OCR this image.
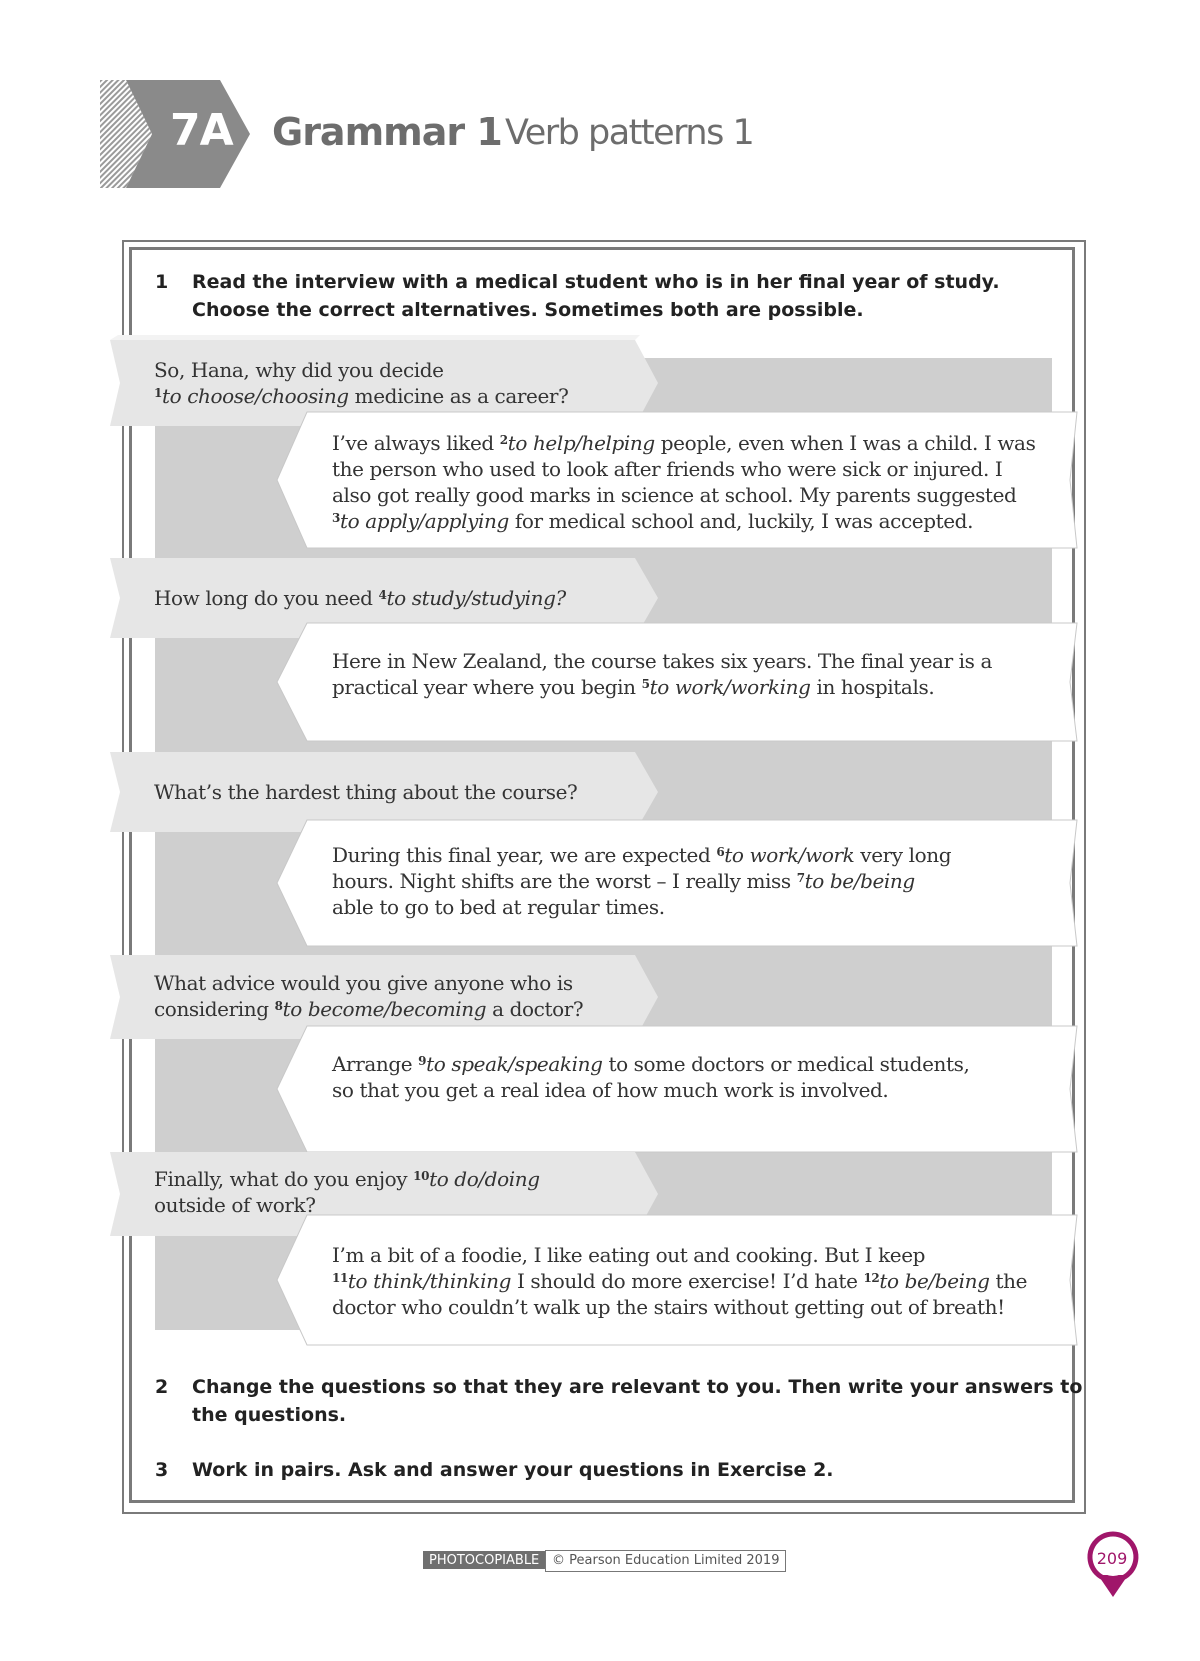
7A Grammar 1 Verb patterns 1
1 Read the interview with a medical student who is in her final year of study.
Choose the correct alternatives. Sometimes both are possible.
So, Hana, why did you decide
$^1$to choose/choosing medicine as a career?
I’ve always liked $^2$to help/helping people, even when I was a child. I was
the person who used to look after friends who were sick or injured. I
also got really good marks in science at school. My parents suggested
$^3$to apply/applying for medical school and, luckily, I was accepted.
How long do you need $^4$to study/studying?
Here in New Zealand, the course takes six years. The final year is a
practical year where you begin $^5$to work/working in hospitals.
What’s the hardest thing about the course?
During this final year, we are expected $^6$to work/work very long
hours. Night shifts are the worst – I really miss $^7$to be/being
able to go to bed at regular times.
What advice would you give anyone who is
considering $^8$to become/becoming a doctor?
Arrange $^9$to speak/speaking to some doctors or medical students,
so that you get a real idea of how much work is involved.
Finally, what do you enjoy $^{10}$to do/doing
outside of work?
I’m a bit of a foodie, I like eating out and cooking. But I keep
$^{11}$to think/thinking I should do more exercise! I’d hate $^{12}$to be/being the
doctor who couldn’t walk up the stairs without getting out of breath!
2 Change the questions so that they are relevant to you. Then write your answers to
the questions.
3 Work in pairs. Ask and answer your questions in Exercise 2.
PHOTOCOPIABLE © Pearson Education Limited 2019	209
